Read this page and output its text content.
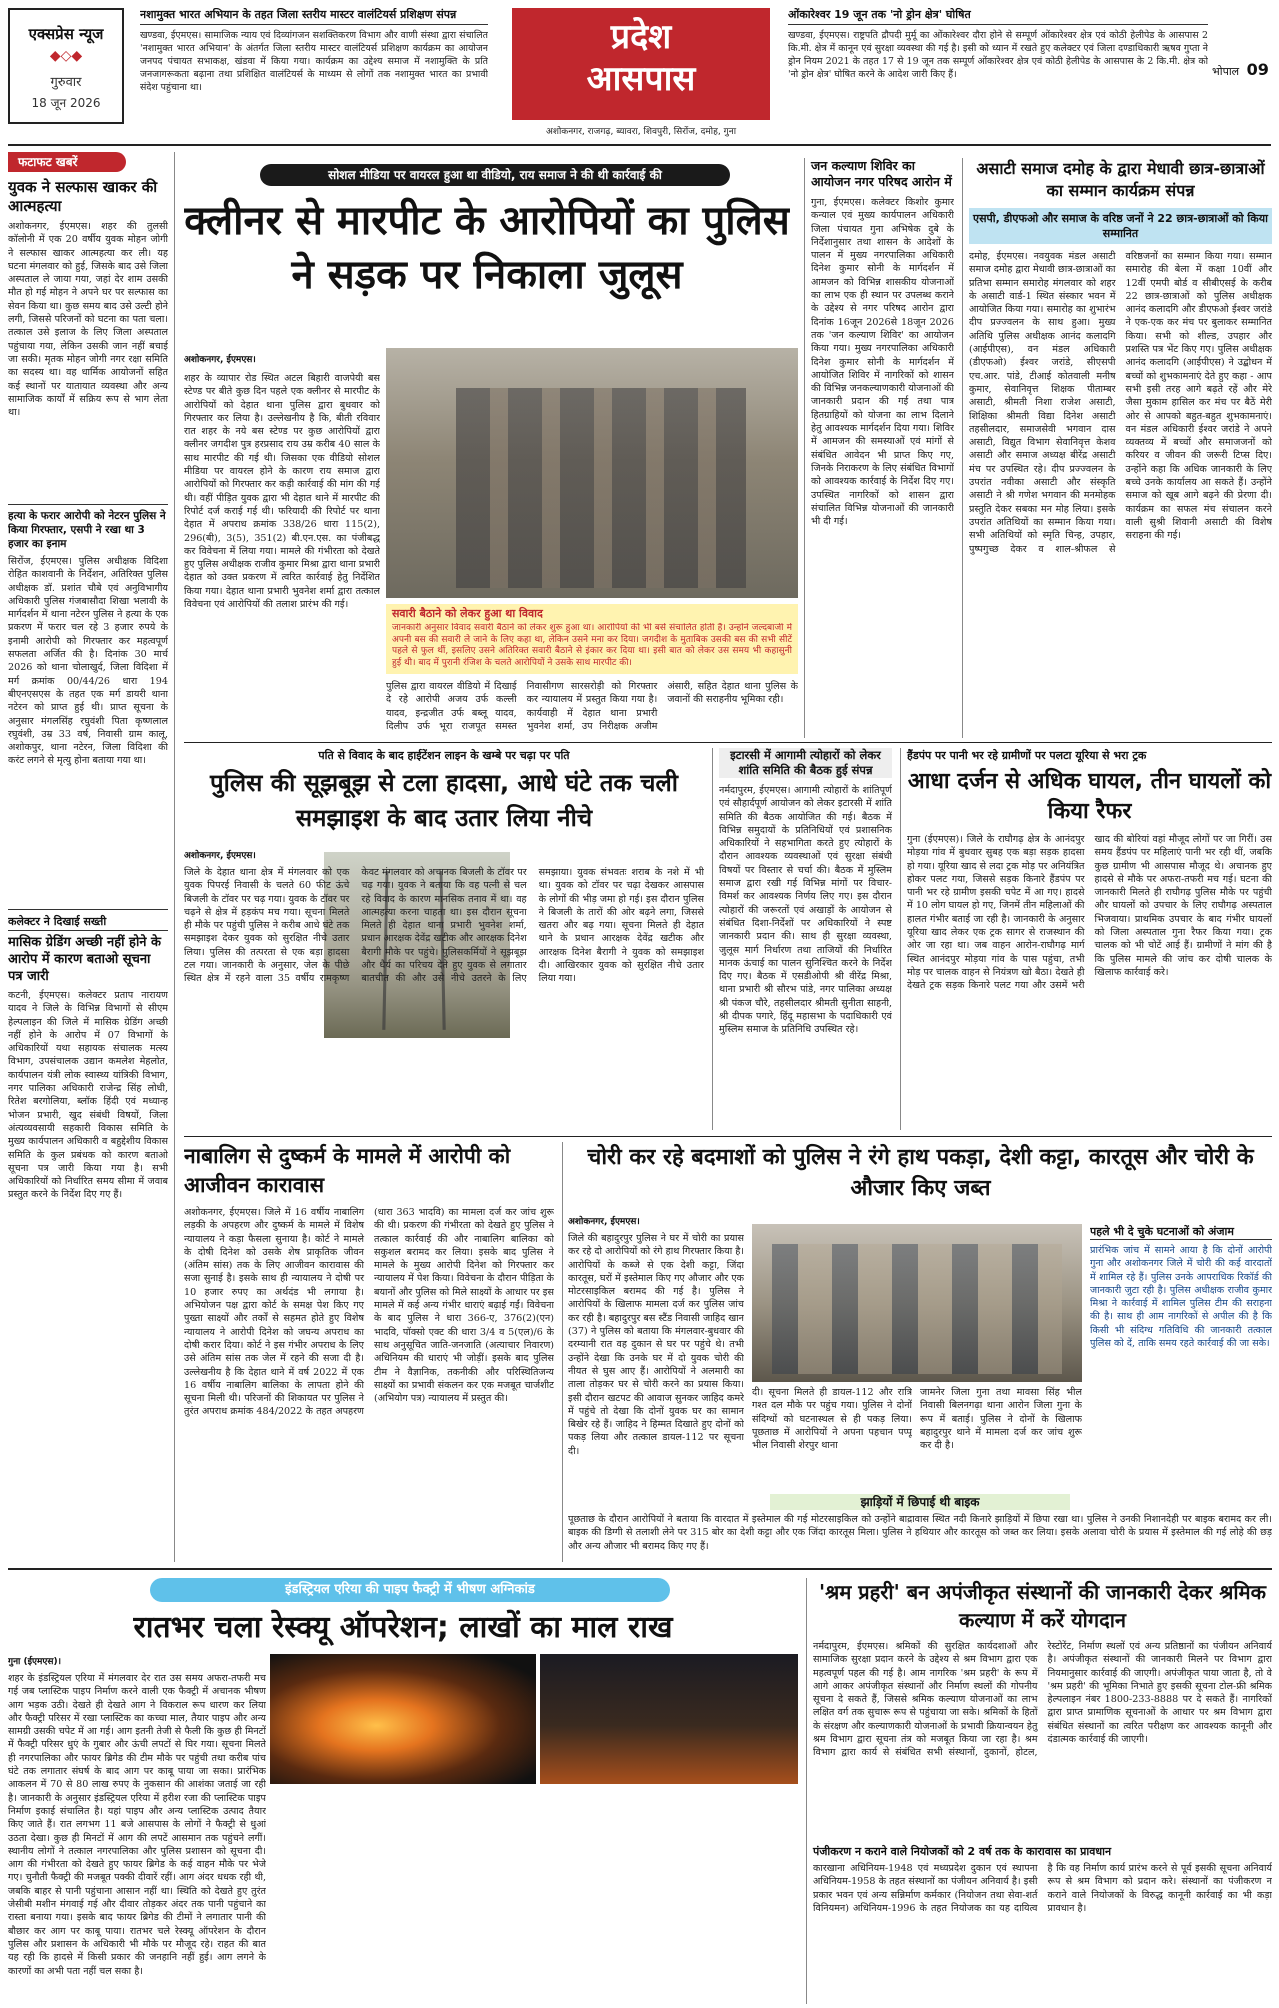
एक्सप्रेस न्यूज
◆◇◆
गुरुवार
18 जून 2026
नशामुक्त भारत अभियान के तहत जिला स्तरीय मास्टर वालंटियर्स प्रशिक्षण संपन्न
खण्डवा, ईएमएस। सामाजिक न्याय एवं दिव्यांगजन सशक्तिकरण विभाग और वाणी संस्था द्वारा संचालित 'नशामुक्त भारत अभियान' के अंतर्गत जिला स्तरीय मास्टर वालंटियर्स प्रशिक्षण कार्यक्रम का आयोजन जनपद पंचायत सभाकक्ष, खंडवा में किया गया। कार्यक्रम का उद्देश्य समाज में नशामुक्ति के प्रति जनजागरूकता बढ़ाना तथा प्रशिक्षित वालंटियर्स के माध्यम से लोगों तक नशामुक्त भारत का प्रभावी संदेश पहुंचाना था।
प्रदेश
आसपास
अशोकनगर, राजगढ़, ब्यावरा, शिवपुरी, सिरोंज, दमोह, गुना
ओंकारेश्वर 19 जून तक 'नो ड्रोन क्षेत्र' घोषित
खण्डवा, ईएमएस। राष्ट्रपति द्रौपदी मुर्मू का ओंकारेश्वर दौरा होने से सम्पूर्ण ओंकारेश्वर क्षेत्र एवं कोठी हेलीपेड के आसपास 2 कि.मी. क्षेत्र में कानून एवं सुरक्षा व्यवस्था की गई है। इसी को ध्यान में रखते हुए कलेक्टर एवं जिला दण्डाधिकारी ऋषव गुप्ता ने ड्रोन नियम 2021 के तहत 17 से 19 जून तक सम्पूर्ण ओंकारेश्वर क्षेत्र एवं कोठी हेलीपेड के आसपास के 2 कि.मी. क्षेत्र को 'नो ड्रोन क्षेत्र' घोषित करने के आदेश जारी किए हैं।	भोपाल 09
फटाफट खबरें
युवक ने सल्फास खाकर की आत्महत्या
अशोकनगर, ईएमएस। शहर की तुलसी कॉलोनी में एक 20 वर्षीय युवक मोहन जोगी ने सल्फास खाकर आत्महत्या कर ली। यह घटना मंगलवार को हुई, जिसके बाद उसे जिला अस्पताल ले जाया गया, जहां देर शाम उसकी मौत हो गई मोहन ने अपने घर पर सल्फास का सेवन किया था। कुछ समय बाद उसे उल्टी होने लगी, जिससे परिजनों को घटना का पता चला। तत्काल उसे इलाज के लिए जिला अस्पताल पहुंचाया गया, लेकिन उसकी जान नहीं बचाई जा सकी। मृतक मोहन जोगी नगर रक्षा समिति का सदस्य था। वह धार्मिक आयोजनों सहित कई स्थानों पर यातायात व्यवस्था और अन्य सामाजिक कार्यों में सक्रिय रूप से भाग लेता था।
हत्या के फरार आरोपी को नेटरन पुलिस ने किया गिरफ्तार, एसपी ने रखा था 3 हजार का इनाम
सिरोंज, ईएमएस। पुलिस अधीक्षक विदिशा रोहित काशवानी के निर्देशन, अतिरिक्त पुलिस अधीक्षक डॉ. प्रशांत चौबे एवं अनुविभागीय अधिकारी पुलिस गंजबासौदा शिखा भलावी के मार्गदर्शन में थाना नटेरन पुलिस ने हत्या के एक प्रकरण में फरार चल रहे 3 हजार रुपये के इनामी आरोपी को गिरफ्तार कर महत्वपूर्ण सफलता अर्जित की है। दिनांक 30 मार्च 2026 को थाना चोलाखुर्द, जिला विदिशा में मर्ग क्रमांक 00/44/26 धारा 194 बीएनएसएस के तहत एक मर्ग डायरी थाना नटेरन को प्राप्त हुई थी। प्राप्त सूचना के अनुसार मंगलसिंह रघुवंशी पिता कृष्णलाल रघुवंशी, उम्र 33 वर्ष, निवासी ग्राम कालू, अशोकपुर, थाना नटेरन, जिला विदिशा की करंट लगने से मृत्यु होना बताया गया था।
कलेक्टर ने दिखाई सख्ती
मासिक ग्रेडिंग अच्छी नहीं होने के आरोप में कारण बताओ सूचना पत्र जारी
कटनी, ईएमएस। कलेक्टर प्रताप नारायण यादव ने जिले के विभिन्न विभागों से सीएम हेल्पलाइन की जिले में मासिक ग्रेडिंग अच्छी नहीं होने के आरोप में 07 विभागों के अधिकारियों यथा सहायक संचालक मत्स्य विभाग, उपसंचालक उद्यान कमलेश मेहलोत, कार्यपालन यंत्री लोक स्वास्थ्य यांत्रिकी विभाग, नगर पालिका अधिकारी राजेन्द्र सिंह लोधी, रितेश बरगोलिया, ब्लॉक हिंदी एवं मध्यान्ह भोजन प्रभारी, खुद संबंधी विषयों, जिला अंत्यव्यवसायी सहकारी विकास समिति के मुख्य कार्यपालन अधिकारी व बहुद्देशीय विकास समिति के कुल प्रबंधक को कारण बताओ सूचना पत्र जारी किया गया है। सभी अधिकारियों को निर्धारित समय सीमा में जवाब प्रस्तुत करने के निर्देश दिए गए हैं।
सोशल मीडिया पर वायरल हुआ था वीडियो, राय समाज ने की थी कार्रवाई की
क्लीनर से मारपीट के आरोपियों का पुलिस ने सड़क पर निकाला जुलूस
अशोकनगर, ईएमएस।
शहर के व्यापार रोड स्थित अटल बिहारी वाजपेयी बस स्टेण्ड पर बीते कुछ दिन पहले एक क्लीनर से मारपीट के आरोपियों को देहात थाना पुलिस द्वारा बुधवार को गिरफ्तार कर लिया है। उल्लेखनीय है कि, बीती रविवार रात शहर के नये बस स्टेण्ड पर कुछ आरोपियों द्वारा क्लीनर जगदीश पुत्र हरप्रसाद राय उम्र करीब 40 साल के साथ मारपीट की गई थी। जिसका एक वीडियो सोशल मीडिया पर वायरल होने के कारण राय समाज द्वारा आरोपियों को गिरफ्तार कर कड़ी कार्रवाई की मांग की गई थी। वहीं पीड़ित युवक द्वारा भी देहात थाने में मारपीट की रिपोर्ट दर्ज कराई गई थी। फरियादी की रिपोर्ट पर थाना देहात में अपराध क्रमांक 338/26 धारा 115(2), 296(बी), 3(5), 351(2) बी.एन.एस. का पंजीबद्ध कर विवेचना में लिया गया। मामले की गंभीरता को देखते हुए पुलिस अधीक्षक राजीव कुमार मिश्रा द्वारा थाना प्रभारी देहात को उक्त प्रकरण में त्वरित कार्रवाई हेतु निर्देशित किया गया। देहात थाना प्रभारी भुवनेश शर्मा द्वारा तत्काल विवेचना एवं आरोपियों की तलाश प्रारंभ की गई।
सवारी बैठाने को लेकर हुआ था विवाद
जानकारी अनुसार विवाद सवारी बैठाने को लेकर शुरू हुआ था। आरोपियों की भी बसें संचालित होती हैं। उन्होंने जल्दबाजी में अपनी बस की सवारी ले जाने के लिए कहा था, लेकिन उसने मना कर दिया। जगदीश के मुताबिक उसकी बस की सभी सीटें पहले से फुल थीं, इसलिए उसने अतिरिक्त सवारी बैठाने से इंकार कर दिया था। इसी बात को लेकर उस समय भी कहासुनी हुई थी। बाद में पुरानी रंजिश के चलते आरोपियों ने उसके साथ मारपीट की।
पुलिस द्वारा वायरल वीडियो में दिखाई दे रहे आरोपी अजय उर्फ कल्ली यादव, इन्द्रजीत उर्फ बब्लू यादव, दिलीप उर्फ भूरा राजपूत समस्त निवासीगण सारसरोड़ी को गिरफ्तार कर न्यायालय में प्रस्तुत किया गया है। कार्यवाही में देहात थाना प्रभारी भुवनेश शर्मा, उप निरीक्षक अजीम अंसारी, सहित देहात थाना पुलिस के जवानों की सराहनीय भूमिका रही।
जन कल्याण शिविर का आयोजन नगर परिषद आरोन में
गुना, ईएमएस। कलेक्टर किशोर कुमार कन्याल एवं मुख्य कार्यपालन अधिकारी जिला पंचायत गुना अभिषेक दुबे के निर्देशानुसार तथा शासन के आदेशों के पालन में मुख्य नगरपालिका अधिकारी दिनेश कुमार सोनी के मार्गदर्शन में आमजन को विभिन्न शासकीय योजनाओं का लाभ एक ही स्थान पर उपलब्ध कराने के उद्देश्य से नगर परिषद आरोन द्वारा दिनांक 16जून 2026से 18जून 2026 तक 'जन कल्याण शिविर' का आयोजन किया गया। मुख्य नगरपालिका अधिकारी दिनेश कुमार सोनी के मार्गदर्शन में आयोजित शिविर में नागरिकों को शासन की विभिन्न जनकल्याणकारी योजनाओं की जानकारी प्रदान की गई तथा पात्र हितग्राहियों को योजना का लाभ दिलाने हेतु आवश्यक मार्गदर्शन दिया गया। शिविर में आमजन की समस्याओं एवं मांगों से संबंधित आवेदन भी प्राप्त किए गए, जिनके निराकरण के लिए संबंधित विभागों को आवश्यक कार्रवाई के निर्देश दिए गए। उपस्थित नागरिकों को शासन द्वारा संचालित विभिन्न योजनाओं की जानकारी भी दी गई।
असाटी समाज दमोह के द्वारा मेधावी छात्र-छात्राओं का सम्मान कार्यक्रम संपन्न
एसपी, डीएफओ और समाज के वरिष्ठ जनों ने 22 छात्र-छात्राओं को किया सम्मानित
दमोह, ईएमएस। नवयुवक मंडल असाटी समाज दमोह द्वारा मेधावी छात्र-छात्राओं का प्रतिभा सम्मान समारोह मंगलवार को शहर के असाटी वार्ड-1 स्थित संस्कार भवन में आयोजित किया गया। समारोह का शुभारंभ दीप प्रज्ज्वलन के साथ हुआ। मुख्य अतिथि पुलिस अधीक्षक आनंद कलादगि (आईपीएस), वन मंडल अधिकारी (डीएफओ) ईश्वर जरांडे, सीएसपी एच.आर. पांडे, टीआई कोतवाली मनीष कुमार, सेवानिवृत्त शिक्षक पीताम्बर असाटी, श्रीमती निशा राजेश असाटी, शिक्षिका श्रीमती विद्या दिनेश असाटी तहसीलदार, समाजसेवी भगवान दास असाटी, विद्युत विभाग सेवानिवृत्त केशव असाटी और समाज अध्यक्ष बीरेंद्र असाटी मंच पर उपस्थित रहे। दीप प्रज्ज्वलन के उपरांत नवीका असाटी और संस्कृति असाटी ने श्री गणेश भगवान की मनमोहक प्रस्तुति देकर सबका मन मोह लिया। इसके उपरांत अतिथियों का सम्मान किया गया। सभी अतिथियों को स्मृति चिन्ह, उपहार, पुष्पगुच्छ देकर व शाल-श्रीफल से वरिष्ठजनों का सम्मान किया गया। सम्मान समारोह की बेला में कक्षा 10वीं और 12वीं एमपी बोर्ड व सीबीएसई के करीब 22 छात्र-छात्राओं को पुलिस अधीक्षक आनंद कलादगि और डीएफओ ईश्वर जरांडे ने एक-एक कर मंच पर बुलाकर सम्मानित किया। सभी को शील्ड, उपहार और प्रशस्ति पत्र भेंट किए गए। पुलिस अधीक्षक आनंद कलादगि (आईपीएस) ने उद्बोधन में बच्चों को शुभकामनाएं देते हुए कहा - आप सभी इसी तरह आगे बढ़ते रहें और मेरे जैसा मुकाम हासिल कर मंच पर बैठें मेरी ओर से आपको बहुत-बहुत शुभकामनाएं। वन मंडल अधिकारी ईश्वर जरांडे ने अपने व्यक्तव्य में बच्चों और समाजजनों को करियर व जीवन की जरूरी टिप्स दिए। उन्होंने कहा कि अधिक जानकारी के लिए बच्चे उनके कार्यालय आ सकते हैं। उन्होंने समाज को खूब आगे बढ़ने की प्रेरणा दी। कार्यक्रम का सफल मंच संचालन करने वाली सुश्री शिवानी असाटी की विशेष सराहना की गई।
पति से विवाद के बाद हाईटेंशन लाइन के खम्बे पर चढ़ा पर पति
पुलिस की सूझबूझ से टला हादसा, आधे घंटे तक चली समझाइश के बाद उतार लिया नीचे
अशोकनगर, ईएमएस।
जिले के देहात थाना क्षेत्र में मंगलवार को एक युवक पिपरई निवासी के चलते 60 फीट ऊंचे बिजली के टॉवर पर चढ़ गया। युवक के टॉवर पर चढ़ने से क्षेत्र में हड़कंप मच गया। सूचना मिलते ही मौके पर पहुंची पुलिस ने करीब आधे घंटे तक समझाइश देकर युवक को सुरक्षित नीचे उतार लिया। पुलिस की तत्परता से एक बड़ा हादसा टल गया। जानकारी के अनुसार, जेल के पीछे स्थित क्षेत्र में रहने वाला 35 वर्षीय रामकृष्ण केवट मंगलवार को अचानक बिजली के टॉवर पर चढ़ गया। युवक ने बताया कि वह पत्नी से चल रहे विवाद के कारण मानसिक तनाव में था। वह आत्महत्या करना चाहता था। इस दौरान सूचना मिलते ही देहात थाना प्रभारी भुवनेश शर्मा, प्रधान आरक्षक देवेंद्र खटीक और आरक्षक दिनेश बैरागी मौके पर पहुंचे। पुलिसकर्मियों ने सूझबूझ और धैर्य का परिचय देते हुए युवक से लगातार बातचीत की और उसे नीचे उतरने के लिए समझाया। युवक संभवतः शराब के नशे में भी था। युवक को टॉवर पर चढ़ा देखकर आसपास के लोगों की भीड़ जमा हो गई। इस दौरान पुलिस ने बिजली के तारों की ओर बढ़ने लगा, जिससे खतरा और बढ़ गया। सूचना मिलते ही देहात थाने के प्रधान आरक्षक देवेंद्र खटीक और आरक्षक दिनेश बैरागी ने युवक को समझाइश दी। आखिरकार युवक को सुरक्षित नीचे उतार लिया गया।
इटारसी में आगामी त्योहारों को लेकर शांति समिति की बैठक हुई संपन्न
नर्मदापुरम, ईएमएस। आगामी त्योहारों के शांतिपूर्ण एवं सौहार्दपूर्ण आयोजन को लेकर इटारसी में शांति समिति की बैठक आयोजित की गई। बैठक में विभिन्न समुदायों के प्रतिनिधियों एवं प्रशासनिक अधिकारियों ने सहभागिता करते हुए त्योहारों के दौरान आवश्यक व्यवस्थाओं एवं सुरक्षा संबंधी विषयों पर विस्तार से चर्चा की। बैठक में मुस्लिम समाज द्वारा रखी गई विभिन्न मांगों पर विचार-विमर्श कर आवश्यक निर्णय लिए गए। इस दौरान त्योहारों की जरूरतों एवं अखाड़ों के आयोजन से संबंधित दिशा-निर्देशों पर अधिकारियों ने स्पष्ट जानकारी प्रदान की। साथ ही सुरक्षा व्यवस्था, जुलूस मार्ग निर्धारण तथा ताजियों की निर्धारित मानक ऊंचाई का पालन सुनिश्चित करने के निर्देश दिए गए। बैठक में एसडीओपी श्री वीरेंद्र मिश्रा, थाना प्रभारी श्री सौरभ पांडे, नगर पालिका अध्यक्ष श्री पंकज चौरे, तहसीलदार श्रीमती सुनीता साहनी, श्री दीपक पगारे, हिंदू महासभा के पदाधिकारी एवं मुस्लिम समाज के प्रतिनिधि उपस्थित रहे।
हैंडपंप पर पानी भर रहे ग्रामीणों पर पलटा यूरिया से भरा ट्रक
आधा दर्जन से अधिक घायल, तीन घायलों को किया रैफर
गुना (ईएमएस)। जिले के राघौगढ़ क्षेत्र के आनंदपुर मोड़या गांव में बुधवार सुबह एक बड़ा सड़क हादसा हो गया। यूरिया खाद से लदा ट्रक मोड़ पर अनियंत्रित होकर पलट गया, जिससे सड़क किनारे हैंडपंप पर पानी भर रहे ग्रामीण इसकी चपेट में आ गए। हादसे में 10 लोग घायल हो गए, जिनमें तीन महिलाओं की हालत गंभीर बताई जा रही है। जानकारी के अनुसार यूरिया खाद लेकर एक ट्रक सागर से राजस्थान की ओर जा रहा था। जब वाहन आरोन-राघौगढ़ मार्ग स्थित आनंदपुर मोड़या गांव के पास पहुंचा, तभी मोड़ पर चालक वाहन से नियंत्रण खो बैठा। देखते ही देखते ट्रक सड़क किनारे पलट गया और उसमें भरी खाद की बोरियां वहां मौजूद लोगों पर जा गिरीं। उस समय हैंडपंप पर महिलाएं पानी भर रही थीं, जबकि कुछ ग्रामीण भी आसपास मौजूद थे। अचानक हुए हादसे से मौके पर अफरा-तफरी मच गई। घटना की जानकारी मिलते ही राघौगढ़ पुलिस मौके पर पहुंची और घायलों को उपचार के लिए राघौगढ़ अस्पताल भिजवाया। प्राथमिक उपचार के बाद गंभीर घायलों को जिला अस्पताल गुना रैफर किया गया। ट्रक चालक को भी चोटें आई हैं। ग्रामीणों ने मांग की है कि पुलिस मामले की जांच कर दोषी चालक के खिलाफ कार्रवाई करे।
नाबालिग से दुष्कर्म के मामले में आरोपी को आजीवन कारावास
अशोकनगर, ईएमएस। जिले में 16 वर्षीय नाबालिग लड़की के अपहरण और दुष्कर्म के मामले में विशेष न्यायालय ने कड़ा फैसला सुनाया है। कोर्ट ने मामले के दोषी दिनेश को उसके शेष प्राकृतिक जीवन (अंतिम सांस) तक के लिए आजीवन कारावास की सजा सुनाई है। इसके साथ ही न्यायालय ने दोषी पर 10 हजार रुपए का अर्थदंड भी लगाया है। अभियोजन पक्ष द्वारा कोर्ट के समक्ष पेश किए गए पुख्ता साक्ष्यों और तर्कों से सहमत होते हुए विशेष न्यायालय ने आरोपी दिनेश को जघन्य अपराध का दोषी करार दिया। कोर्ट ने इस गंभीर अपराध के लिए उसे अंतिम सांस तक जेल में रहने की सजा दी है। उल्लेखनीय है कि देहात थाने में वर्ष 2022 में एक 16 वर्षीय नाबालिग बालिका के लापता होने की सूचना मिली थी। परिजनों की शिकायत पर पुलिस ने तुरंत अपराध क्रमांक 484/2022 के तहत अपहरण (धारा 363 भादवि) का मामला दर्ज कर जांच शुरू की थी। प्रकरण की गंभीरता को देखते हुए पुलिस ने तत्काल कार्रवाई की और नाबालिग बालिका को सकुशल बरामद कर लिया। इसके बाद पुलिस ने मामले के मुख्य आरोपी दिनेश को गिरफ्तार कर न्यायालय में पेश किया। विवेचना के दौरान पीड़िता के बयानों और पुलिस को मिले साक्ष्यों के आधार पर इस मामले में कई अन्य गंभीर धाराएं बढ़ाई गईं। विवेचना के बाद पुलिस ने धारा 366-ए, 376(2)(एन) भादवि, पॉक्सो एक्ट की धारा 3/4 व 5(एल)/6 के साथ अनुसूचित जाति-जनजाति (अत्याचार निवारण) अधिनियम की धाराएं भी जोड़ीं। इसके बाद पुलिस टीम ने वैज्ञानिक, तकनीकी और परिस्थितिजन्य साक्ष्यों का प्रभावी संकलन कर एक मजबूत चार्जशीट (अभियोग पत्र) न्यायालय में प्रस्तुत की।
चोरी कर रहे बदमाशों को पुलिस ने रंगे हाथ पकड़ा, देशी कट्टा, कारतूस और चोरी के औजार किए जब्त
अशोकनगर, ईएमएस।
जिले की बहादुरपुर पुलिस ने घर में चोरी का प्रयास कर रहे दो आरोपियों को रंगे हाथ गिरफ्तार किया है। आरोपियों के कब्जे से एक देशी कट्टा, जिंदा कारतूस, घरों में इस्तेमाल किए गए औजार और एक मोटरसाइकिल बरामद की गई है। पुलिस ने आरोपियों के खिलाफ मामला दर्ज कर पुलिस जांच कर रही है। बहादुरपुर बस स्टैंड निवासी जाहिद खान (37) ने पुलिस को बताया कि मंगलवार-बुधवार की दरम्यानी रात वह दुकान से घर पर पहुंचे थे। तभी उन्होंने देखा कि उनके घर में दो युवक चोरी की नीयत से घुस आए हैं। आरोपियों ने अलमारी का ताला तोड़कर घर से चोरी करने का प्रयास किया। इसी दौरान खटपट की आवाज सुनकर जाहिद कमरे में पहुंचे तो देखा कि दोनों युवक घर का सामान बिखेर रहे हैं। जाहिद ने हिम्मत दिखाते हुए दोनों को पकड़ लिया और तत्काल डायल-112 पर सूचना दी।
दी। सूचना मिलते ही डायल-112 और रात्रि गश्त दल मौके पर पहुंच गया। पुलिस ने दोनों संदिग्धों को घटनास्थल से ही पकड़ लिया। पूछताछ में आरोपियों ने अपना पहचान पप्पू भील निवासी शेरपुर थाना
जामनेर जिला गुना तथा मावसा सिंह भील निवासी बिलनगढ़ा थाना आरोन जिला गुना के रूप में बताई। पुलिस ने दोनों के खिलाफ बहादुरपुर थाने में मामला दर्ज कर जांच शुरू कर दी है।
पहले भी दे चुके घटनाओं को अंजाम
प्रारंभिक जांच में सामने आया है कि दोनों आरोपी गुना और अशोकनगर जिले में चोरी की कई वारदातों में शामिल रहे हैं। पुलिस उनके आपराधिक रिकॉर्ड की जानकारी जुटा रही है। पुलिस अधीक्षक राजीव कुमार मिश्रा ने कार्रवाई में शामिल पुलिस टीम की सराहना की है। साथ ही आम नागरिकों से अपील की है कि किसी भी संदिग्ध गतिविधि की जानकारी तत्काल पुलिस को दें, ताकि समय रहते कार्रवाई की जा सके।
झाड़ियों में छिपाई थी बाइक
पूछताछ के दौरान आरोपियों ने बताया कि वारदात में इस्तेमाल की गई मोटरसाइकिल को उन्होंने बाद्रावास स्थित नदी किनारे झाड़ियों में छिपा रखा था। पुलिस ने उनकी निशानदेही पर बाइक बरामद कर ली। बाइक की डिग्गी से तलाशी लेने पर 315 बोर का देशी कट्टा और एक जिंदा कारतूस मिला। पुलिस ने हथियार और कारतूस को जब्त कर लिया। इसके अलावा चोरी के प्रयास में इस्तेमाल की गई लोहे की छड़ और अन्य औजार भी बरामद किए गए हैं।
इंडस्ट्रियल एरिया की पाइप फैक्ट्री में भीषण अग्निकांड
रातभर चला रेस्क्यू ऑपरेशन; लाखों का माल राख
गुना (ईएमएस)।
शहर के इंडस्ट्रियल एरिया में मंगलवार देर रात उस समय अफरा-तफरी मच गई जब प्लास्टिक पाइप निर्माण करने वाली एक फैक्ट्री में अचानक भीषण आग भड़क उठी। देखते ही देखते आग ने विकराल रूप धारण कर लिया और फैक्ट्री परिसर में रखा प्लास्टिक का कच्चा माल, तैयार पाइप और अन्य सामग्री उसकी चपेट में आ गई। आग इतनी तेजी से फैली कि कुछ ही मिनटों में फैक्ट्री परिसर धुएं के गुबार और ऊंची लपटों से घिर गया। सूचना मिलते ही नगरपालिका और फायर ब्रिगेड की टीम मौके पर पहुंची तथा करीब पांच घंटे तक लगातार संघर्ष के बाद आग पर काबू पाया जा सका। प्रारंभिक आकलन में 70 से 80 लाख रुपए के नुकसान की आशंका जताई जा रही है। जानकारी के अनुसार इंडस्ट्रियल एरिया में हरीश रजा की प्लास्टिक पाइप निर्माण इकाई संचालित है। यहां पाइप और अन्य प्लास्टिक उत्पाद तैयार किए जाते हैं। रात लगभग 11 बजे आसपास के लोगों ने फैक्ट्री से धुआं उठता देखा। कुछ ही मिनटों में आग की लपटें आसमान तक पहुंचने लगीं। स्थानीय लोगों ने तत्काल नगरपालिका और पुलिस प्रशासन को सूचना दी। आग की गंभीरता को देखते हुए फायर ब्रिगेड के कई वाहन मौके पर भेजे गए। चुनौती फैक्ट्री की मजबूत पक्की दीवारें रहीं। आग अंदर धधक रही थी, जबकि बाहर से पानी पहुंचाना आसान नहीं था। स्थिति को देखते हुए तुरंत जेसीबी मशीन मंगवाई गई और दीवार तोड़कर अंदर तक पानी पहुंचाने का रास्ता बनाया गया। इसके बाद फायर ब्रिगेड की टीमों ने लगातार पानी की बौछार कर आग पर काबू पाया। रातभर चले रेस्क्यू ऑपरेशन के दौरान पुलिस और प्रशासन के अधिकारी भी मौके पर मौजूद रहे। राहत की बात यह रही कि हादसे में किसी प्रकार की जनहानि नहीं हुई। आग लगने के कारणों का अभी पता नहीं चल सका है।
'श्रम प्रहरी' बन अपंजीकृत संस्थानों की जानकारी देकर श्रमिक कल्याण में करें योगदान
नर्मदापुरम, ईएमएस। श्रमिकों की सुरक्षित कार्यदशाओं और सामाजिक सुरक्षा प्रदान करने के उद्देश्य से श्रम विभाग द्वारा एक महत्वपूर्ण पहल की गई है। आम नागरिक 'श्रम प्रहरी' के रूप में आगे आकर अपंजीकृत संस्थानों और निर्माण स्थलों की गोपनीय सूचना दे सकते हैं, जिससे श्रमिक कल्याण योजनाओं का लाभ लक्षित वर्ग तक सुचारू रूप से पहुंचाया जा सके। श्रमिकों के हितों के संरक्षण और कल्याणकारी योजनाओं के प्रभावी क्रियान्वयन हेतु श्रम विभाग द्वारा सूचना तंत्र को मजबूत किया जा रहा है। श्रम विभाग द्वारा कार्य से संबंधित सभी संस्थानों, दुकानों, होटल, रेस्टोरेंट, निर्माण स्थलों एवं अन्य प्रतिष्ठानों का पंजीयन अनिवार्य है। अपंजीकृत संस्थानों की जानकारी मिलने पर विभाग द्वारा नियमानुसार कार्रवाई की जाएगी। अपंजीकृत पाया जाता है, तो वे 'श्रम प्रहरी' की भूमिका निभाते हुए इसकी सूचना टोल-फ्री श्रमिक हेल्पलाइन नंबर 1800-233-8888 पर दे सकते हैं। नागरिकों द्वारा प्राप्त प्रामाणिक सूचनाओं के आधार पर श्रम विभाग द्वारा संबंधित संस्थानों का त्वरित परीक्षण कर आवश्यक कानूनी और दंडात्मक कार्रवाई की जाएगी।
पंजीकरण न कराने वाले नियोजकों को 2 वर्ष तक के कारावास का प्रावधान
कारखाना अधिनियम-1948 एवं मध्यप्रदेश दुकान एवं स्थापना अधिनियम-1958 के तहत संस्थानों का पंजीयन अनिवार्य है। इसी प्रकार भवन एवं अन्य सन्निर्माण कर्मकार (नियोजन तथा सेवा-शर्त विनियमन) अधिनियम-1996 के तहत नियोजक का यह दायित्व है कि वह निर्माण कार्य प्रारंभ करने से पूर्व इसकी सूचना अनिवार्य रूप से श्रम विभाग को प्रदान करे। संस्थानों का पंजीकरण न कराने वाले नियोजकों के विरुद्ध कानूनी कार्रवाई का भी कड़ा प्रावधान है।
